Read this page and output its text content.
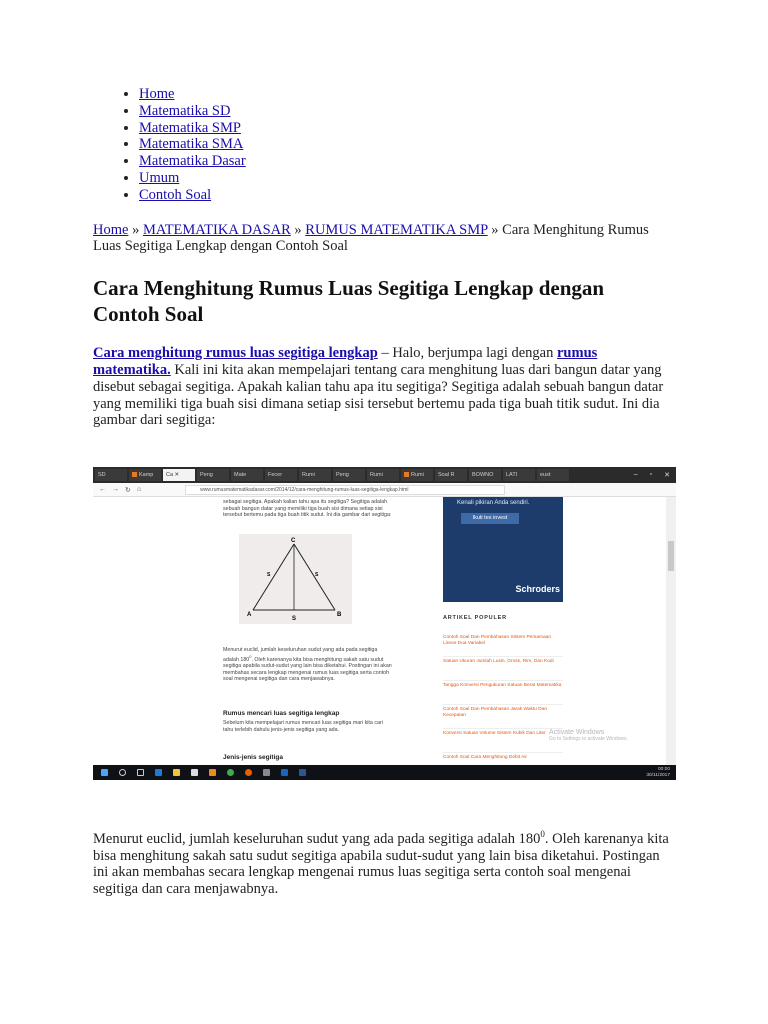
• Home
• Matematika SD
• Matematika SMP
• Matematika SMA
• Matematika Dasar
• Umum
• Contoh Soal
Home » MATEMATIKA DASAR » RUMUS MATEMATIKA SMP » Cara Menghitung Rumus Luas Segitiga Lengkap dengan Contoh Soal
Cara Menghitung Rumus Luas Segitiga Lengkap dengan Contoh Soal
Cara menghitung rumus luas segitiga lengkap – Halo, berjumpa lagi dengan rumus matematika. Kali ini kita akan mempelajari tentang cara menghitung luas dari bangun datar yang disebut sebagai segitiga. Apakah kalian tahu apa itu segitiga? Segitiga adalah sebuah bangun datar yang memiliki tiga buah sisi dimana setiap sisi tersebut bertemu pada tiga buah titik sudut. Ini dia gambar dari segitiga:
SD	Kamp	Ca ✕	Peng	Mate	Fecer	Rumi	Peng	Rumi	Rumi	Soal R	BOWNO	LATI	eust	– ▫ ✕
← → ↻ ⌂	www.rumusmatematikadasar.com/2014/12/cara-menghitung-rumus-luas-segitiga-lengkap.html
sebagai segitiga. Apakah kalian tahu apa itu segitiga? Segitiga adalah sebuah bangun datar yang memiliki tiga buah sisi dimana setiap sisi tersebut bertemu pada tiga buah titik sudut. Ini dia gambar dari segitiga:
Menurut euclid, jumlah keseluruhan sudut yang ada pada segitiga adalah $180^0$. Oleh karenanya kita bisa menghitung sakah satu sudut segitiga apabila sudut-sudut yang lain bisa diketahui. Postingan ini akan membahas secara lengkap mengenai rumus luas segitiga serta contoh soal mengenai segitiga dan cara menjawabnya.
Rumus mencari luas segitiga lengkap
Sebelum kita mempelajari rumus mencari luas segitiga mari kita cari tahu terlebih dahulu jenis-jenis segitiga yang ada.
Jenis-jenis segitiga
C
A	B
S
S	S
Kenali pikiran Anda sendiri.
Ikuti tes invest
Schroders
ARTIKEL POPULER
Contoh Soal Dan Pembahasan Sistem Persamaan Linear Dua Variabel
Satuan Ukuran Jumlah Lusin, Gross, Rim, Dan Kodi
Tangga Konversi Pengukuran Satuan Berat Matematika
Contoh Soal Dan Pembahasan Jarak Waktu Dan Kecepatan
Konversi Satuan Volume Sistem Kubik Dan Liter
Contoh Soal Cara Menghitung Debit Air
Activate Windows
Go to Settings to activate Windows.
00:00
30/11/2017
Menurut euclid, jumlah keseluruhan sudut yang ada pada segitiga adalah $180^0$. Oleh karenanya kita bisa menghitung sakah satu sudut segitiga apabila sudut-sudut yang lain bisa diketahui. Postingan ini akan membahas secara lengkap mengenai rumus luas segitiga serta contoh soal mengenai segitiga dan cara menjawabnya.
